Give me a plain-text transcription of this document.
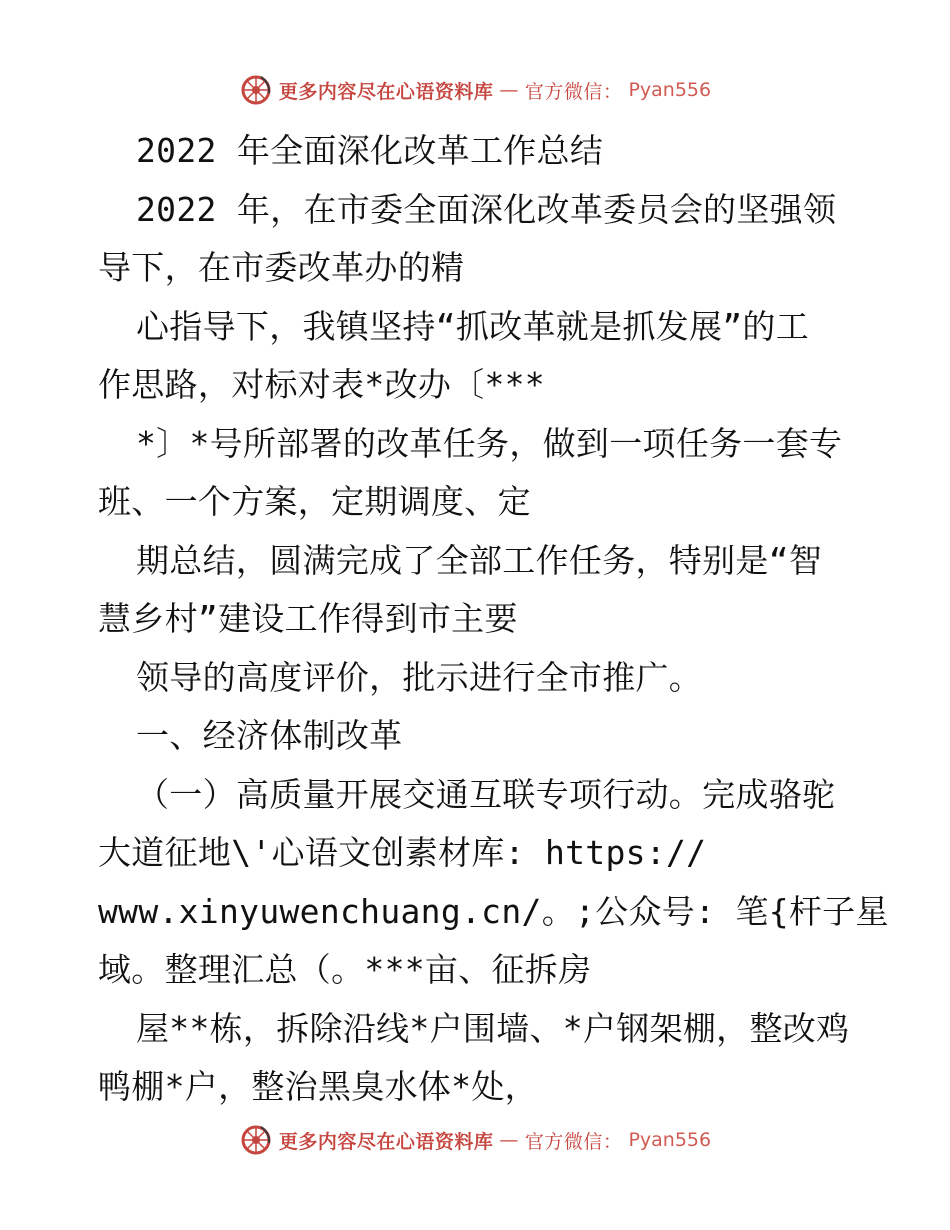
更多内容尽在心语资料库 — 官方微信： Pyan556
2022 年全面深化改革工作总结
2022 年，在市委全面深化改革委员会的坚强领
导下，在市委改革办的精
心指导下，我镇坚持“抓改革就是抓发展”的工
作思路，对标对表*改办〔***
*〕*号所部署的改革任务，做到一项任务一套专
班、一个方案，定期调度、定
期总结，圆满完成了全部工作任务，特别是“智
慧乡村”建设工作得到市主要
领导的高度评价，批示进行全市推广。
一、经济体制改革
（一）高质量开展交通互联专项行动。完成骆驼
大道征地\'心语文创素材库: https://
www.xinyuwenchuang.cn/。;公众号: 笔{杆子星
域。整理汇总（。***亩、征拆房
屋**栋，拆除沿线*户围墙、*户钢架棚，整改鸡
鸭棚*户，整治黑臭水体*处，
更多内容尽在心语资料库 — 官方微信： Pyan556
